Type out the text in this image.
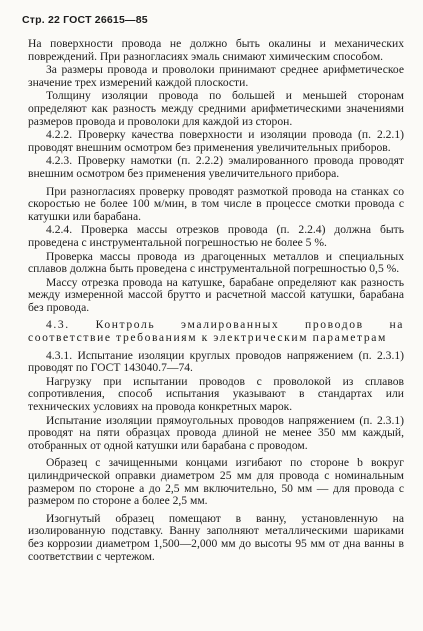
Стр. 22 ГОСТ 26615—85

На поверхности провода не должно быть окалины и механических повреждений. При разногласиях эмаль снимают химическим способом.

За размеры провода и проволоки принимают среднее арифметическое значение трех измерений каждой плоскости.

Толщину изоляции провода по большей и меньшей сторонам определяют как разность между средними арифметическими значениями размеров провода и проволоки для каждой из сторон.

4.2.2. Проверку качества поверхности и изоляции провода (п. 2.2.1) проводят внешним осмотром без применения увеличительных приборов.

4.2.3. Проверку намотки (п. 2.2.2) эмалированного провода проводят внешним осмотром без применения увеличительного прибора.

При разногласиях проверку проводят размоткой провода на станках со скоростью не более 100 м/мин, в том числе в процессе смотки провода с катушки или барабана.

4.2.4. Проверка массы отрезков провода (п. 2.2.4) должна быть проведена с инструментальной погрешностью не более 5 %.

Проверка массы провода из драгоценных металлов и специальных сплавов должна быть проведена с инструментальной погрешностью 0,5 %.

Массу отрезка провода на катушке, барабане определяют как разность между измеренной массой брутто и расчетной массой катушки, барабана без провода.

4.3. Контроль эмалированных проводов на соответствие требованиям к электрическим параметрам

4.3.1. Испытание изоляции круглых проводов напряжением (п. 2.3.1) проводят по ГОСТ 143040.7—74.

Нагрузку при испытании проводов с проволокой из сплавов сопротивления, способ испытания указывают в стандартах или технических условиях на провода конкретных марок.

Испытание изоляции прямоугольных проводов напряжением (п. 2.3.1) проводят на пяти образцах провода длиной не менее 350 мм каждый, отобранных от одной катушки или барабана с проводом.

Образец с зачищенными концами изгибают по стороне b вокруг цилиндрической оправки диаметром 25 мм для провода с номинальным размером по стороне a до 2,5 мм включительно, 50 мм — для провода с размером по стороне a более 2,5 мм.

Изогнутый образец помещают в ванну, установленную на изолированную подставку. Ванну заполняют металлическими шариками без коррозии диаметром 1,500—2,000 мм до высоты 95 мм от дна ванны в соответствии с чертежом.
